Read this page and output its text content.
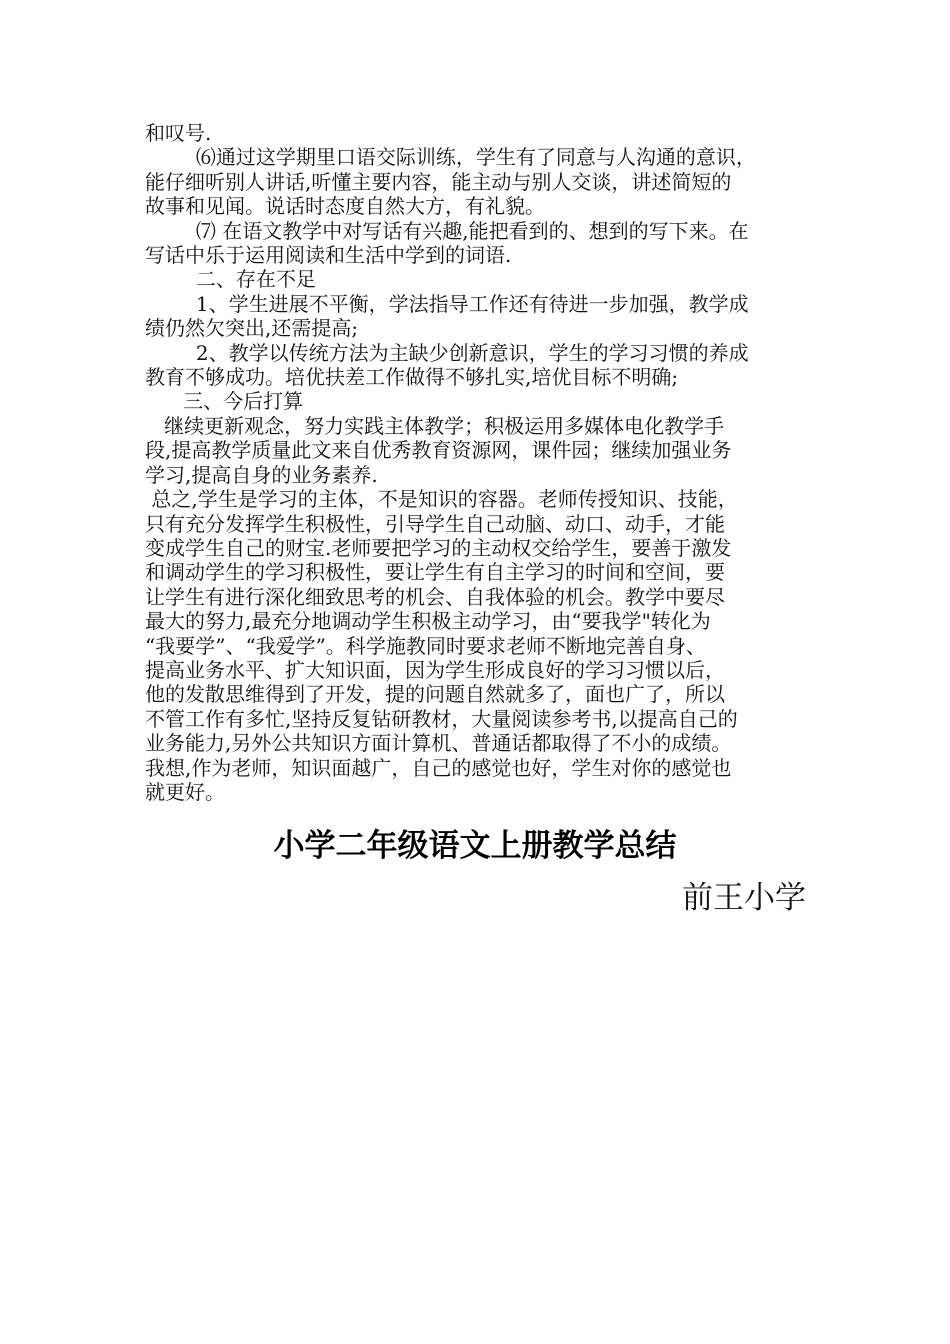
和叹号.

⑹通过这学期里口语交际训练，学生有了同意与人沟通的意识，

能仔细听别人讲话,听懂主要内容，能主动与别人交谈，讲述简短的

故事和见闻。说话时态度自然大方，有礼貌。

⑺ 在语文教学中对写话有兴趣,能把看到的、想到的写下来。在

写话中乐于运用阅读和生活中学到的词语.

二、存在不足

1、学生进展不平衡，学法指导工作还有待进一步加强，教学成

绩仍然欠突出,还需提高;

2、教学以传统方法为主缺少创新意识，学生的学习习惯的养成

教育不够成功。培优扶差工作做得不够扎实,培优目标不明确;

三、今后打算

继续更新观念，努力实践主体教学；积极运用多媒体电化教学手

段,提高教学质量此文来自优秀教育资源网，课件园；继续加强业务

学习,提高自身的业务素养.

总之,学生是学习的主体，不是知识的容器。老师传授知识、技能，

只有充分发挥学生积极性，引导学生自己动脑、动口、动手，才能

变成学生自己的财宝.老师要把学习的主动权交给学生，要善于激发

和调动学生的学习积极性，要让学生有自主学习的时间和空间，要

让学生有进行深化细致思考的机会、自我体验的机会。教学中要尽

最大的努力,最充分地调动学生积极主动学习，由“要我学"转化为

“我要学”、“我爱学”。科学施教同时要求老师不断地完善自身、

提高业务水平、扩大知识面，因为学生形成良好的学习习惯以后，

他的发散思维得到了开发，提的问题自然就多了，面也广了，所以

不管工作有多忙,坚持反复钻研教材，大量阅读参考书,以提高自己的

业务能力,另外公共知识方面计算机、普通话都取得了不小的成绩。

我想,作为老师，知识面越广，自己的感觉也好，学生对你的感觉也

就更好。

小学二年级语文上册教学总结
前王小学
